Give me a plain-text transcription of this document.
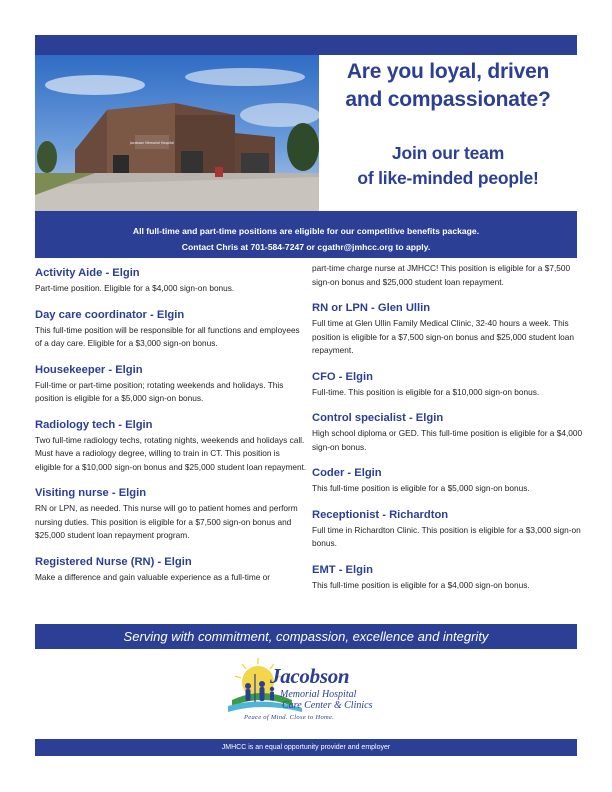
Jacobson Memorial Hospital
Are you loyal, driven
and compassionate?
Join our team
of like-minded people!
All full-time and part-time positions are eligible for our competitive benefits package.
Contact Chris at 701-584-7247 or cgathr@jmhcc.org to apply.
Activity Aide - Elgin
Part-time position. Eligible for a $4,000 sign-on bonus.
Day care coordinator - Elgin
This full-time position will be responsible for all functions and employees of a day care. Eligible for a $3,000 sign-on bonus.
Housekeeper - Elgin
Full-time or part-time position; rotating weekends and holidays. This position is eligible for a $5,000 sign-on bonus.
Radiology tech - Elgin
Two full-time radiology techs, rotating nights, weekends and holidays call. Must have a radiology degree, willing to train in CT. This position is eligible for a $10,000 sign-on bonus and $25,000 student loan repayment.
Visiting nurse - Elgin
RN or LPN, as needed. This nurse will go to patient homes and perform nursing duties. This position is eligible for a $7,500 sign-on bonus and $25,000 student loan repayment program.
Registered Nurse (RN) - Elgin
Make a difference and gain valuable experience as a full-time or
part-time charge nurse at JMHCC! This position is eligible for a $7,500 sign-on bonus and $25,000 student loan repayment.
RN or LPN - Glen Ullin
Full time at Glen Ullin Family Medical Clinic, 32-40 hours a week. This position is eligible for a $7,500 sign-on bonus and $25,000 student loan repayment.
CFO - Elgin
Full-time. This position is eligible for a $10,000 sign-on bonus.
Control specialist - Elgin
High school diploma or GED. This full-time position is eligible for a $4,000 sign-on bonus.
Coder - Elgin
This full-time position is eligible for a $5,000 sign-on bonus.
Receptionist - Richardton
Full time in Richardton Clinic. This position is eligible for a $3,000 sign-on bonus.
EMT - Elgin
This full-time position is eligible for a $4,000 sign-on bonus.
Serving with commitment, compassion, excellence and integrity
Jacobson
Memorial Hospital
Care Center & Clinics
Peace of Mind. Close to Home.
JMHCC is an equal opportunity provider and employer
